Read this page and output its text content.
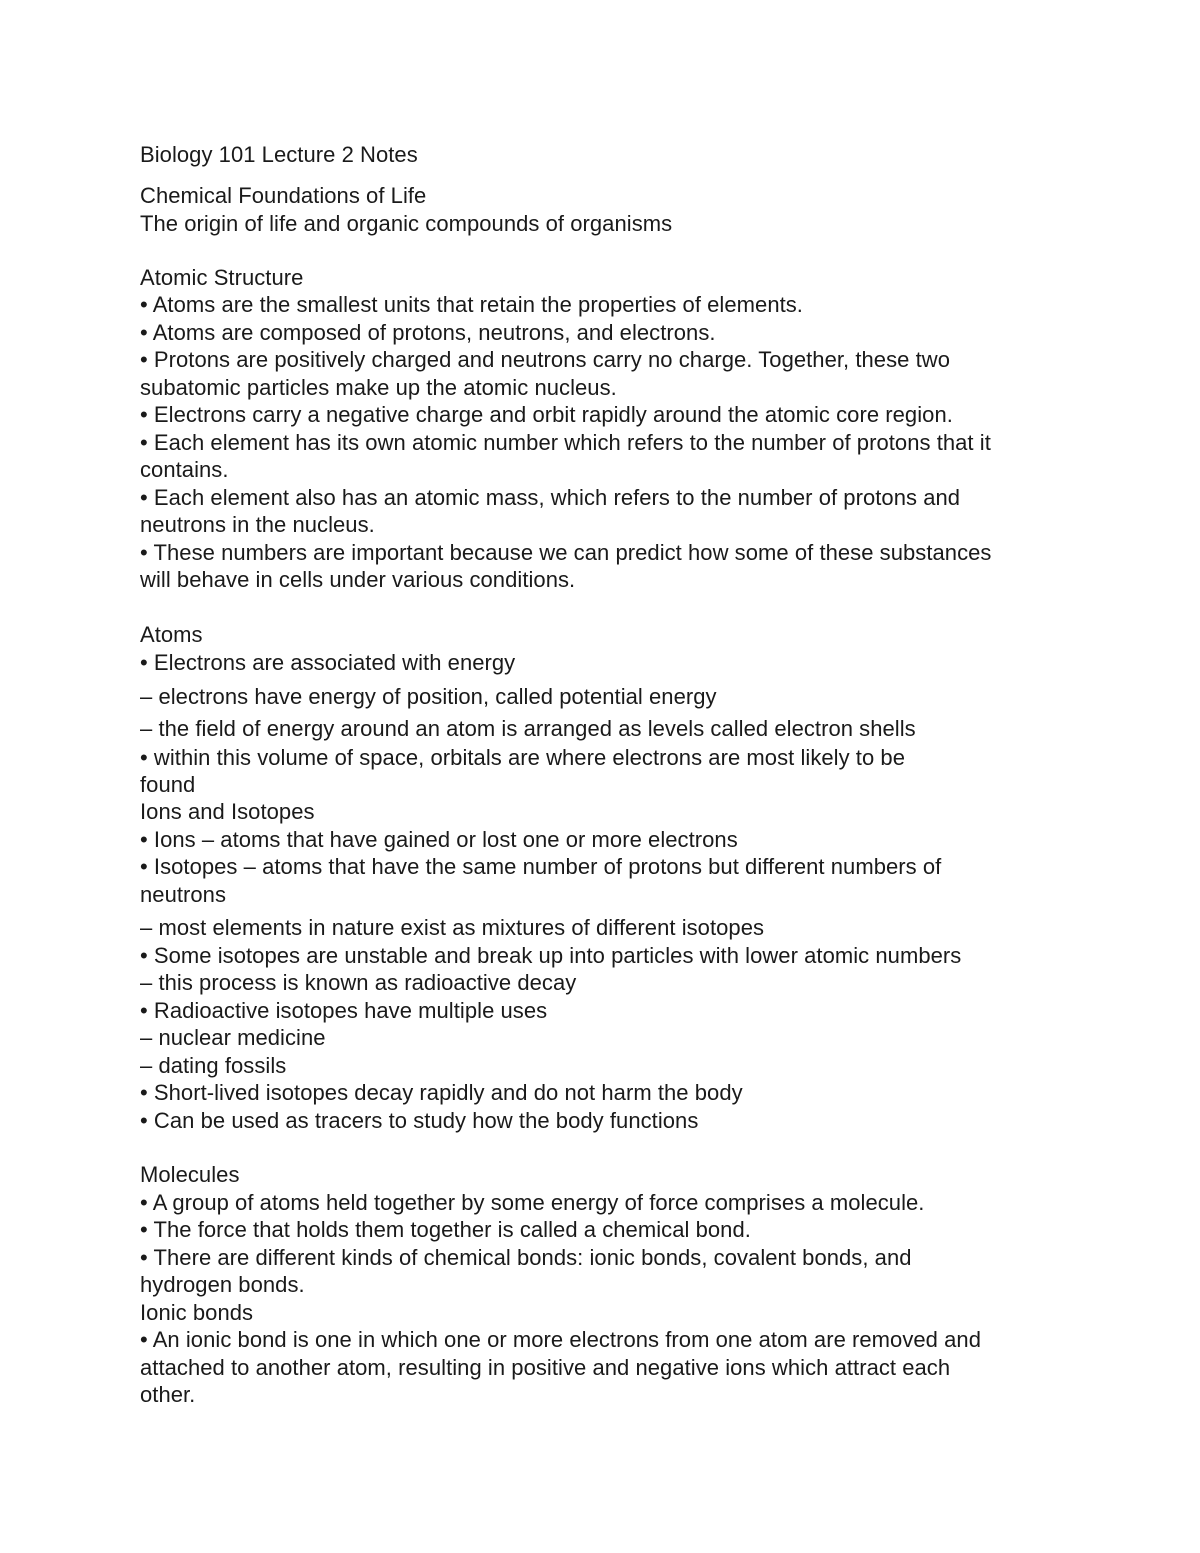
Biology 101 Lecture 2 Notes
Chemical Foundations of Life
The origin of life and organic compounds of organisms
Atomic Structure
• Atoms are the smallest units that retain the properties of elements.
• Atoms are composed of protons, neutrons, and electrons.
• Protons are positively charged and neutrons carry no charge. Together, these two
subatomic particles make up the atomic nucleus.
• Electrons carry a negative charge and orbit rapidly around the atomic core region.
• Each element has its own atomic number which refers to the number of protons that it
contains.
• Each element also has an atomic mass, which refers to the number of protons and
neutrons in the nucleus.
• These numbers are important because we can predict how some of these substances
will behave in cells under various conditions.
Atoms
• Electrons are associated with energy
– electrons have energy of position, called potential energy
– the field of energy around an atom is arranged as levels called electron shells
• within this volume of space, orbitals are where electrons are most likely to be
found
Ions and Isotopes
• Ions – atoms that have gained or lost one or more electrons
• Isotopes – atoms that have the same number of protons but different numbers of
neutrons
– most elements in nature exist as mixtures of different isotopes
• Some isotopes are unstable and break up into particles with lower atomic numbers
– this process is known as radioactive decay
• Radioactive isotopes have multiple uses
– nuclear medicine
– dating fossils
• Short-lived isotopes decay rapidly and do not harm the body
• Can be used as tracers to study how the body functions
Molecules
• A group of atoms held together by some energy of force comprises a molecule.
• The force that holds them together is called a chemical bond.
• There are different kinds of chemical bonds: ionic bonds, covalent bonds, and
hydrogen bonds.
Ionic bonds
• An ionic bond is one in which one or more electrons from one atom are removed and
attached to another atom, resulting in positive and negative ions which attract each
other.
